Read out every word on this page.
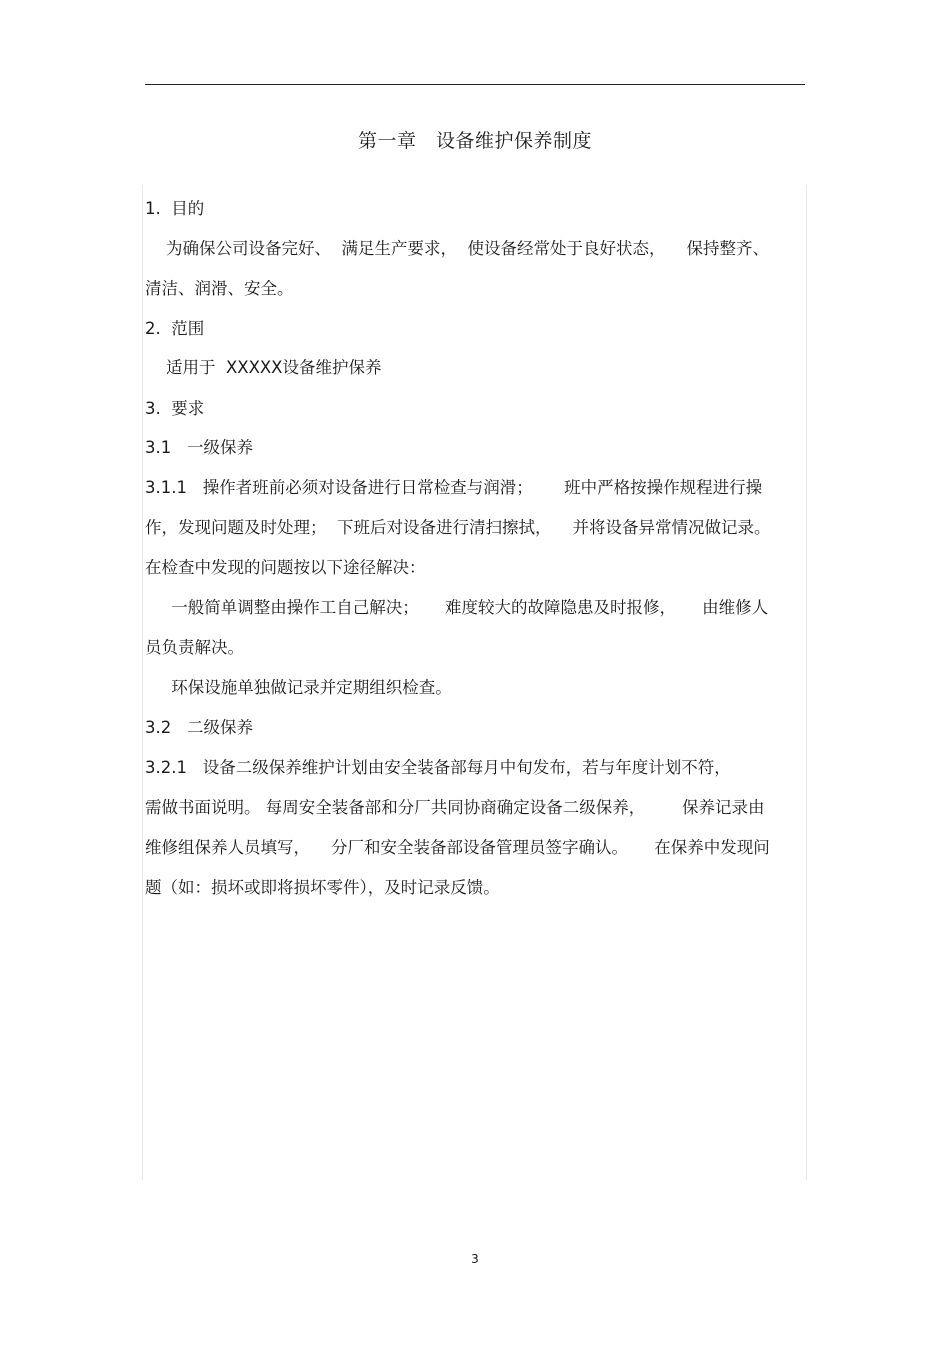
第一章   设备维护保养制度
1.  目的
为确保公司设备完好、  满足生产要求，  使设备经常处于良好状态，    保持整齐、
清洁、润滑、安全。
2.  范围
适用于  XXXXX设备维护保养
3.  要求
3.1   一级保养
3.1.1   操作者班前必须对设备进行日常检查与润滑；      班中严格按操作规程进行操
作，发现问题及时处理；  下班后对设备进行清扫擦拭，    并将设备异常情况做记录。
在检查中发现的问题按以下途径解决：
一般简单调整由操作工自己解决；     难度较大的故障隐患及时报修，     由维修人
员负责解决。
环保设施单独做记录并定期组织检查。
3.2   二级保养
3.2.1   设备二级保养维护计划由安全装备部每月中旬发布，若与年度计划不符，
需做书面说明。 每周安全装备部和分厂共同协商确定设备二级保养，       保养记录由
维修组保养人员填写，    分厂和安全装备部设备管理员签字确认。     在保养中发现问
题（如：损坏或即将损坏零件），及时记录反馈。
3
